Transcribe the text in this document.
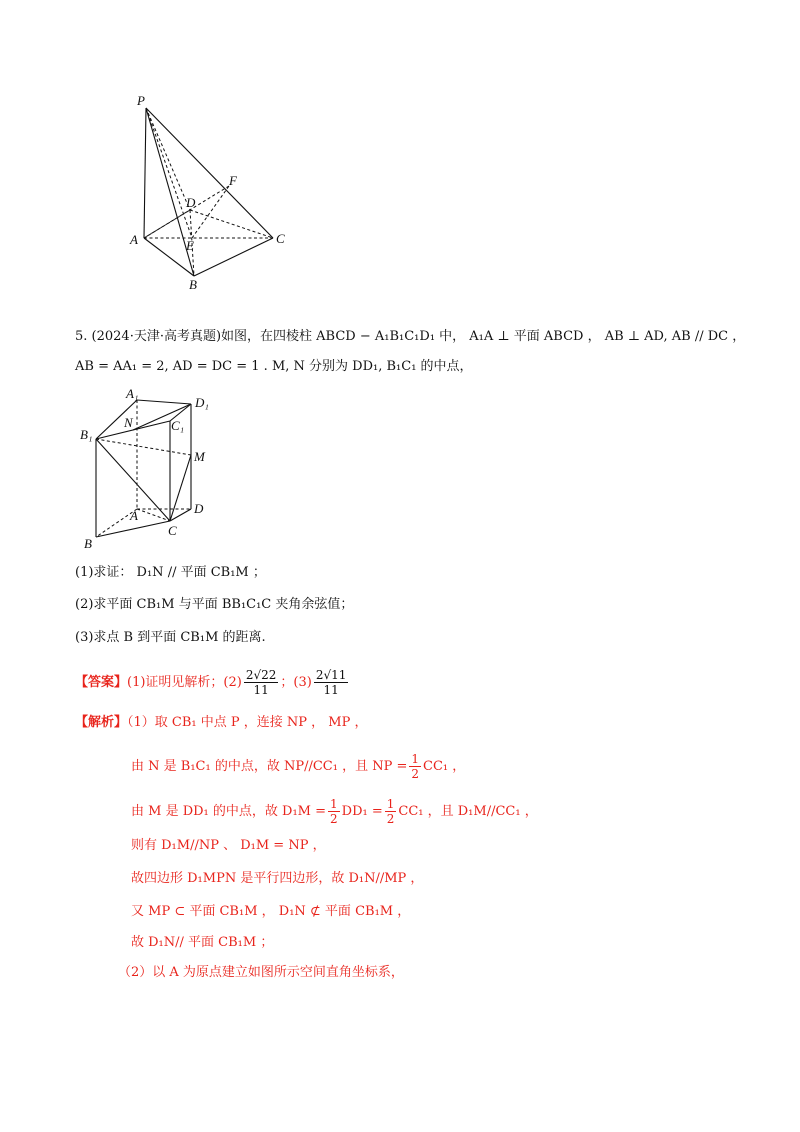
P
F
D
A	E	C
B
5. (2024·天津·高考真题)如图，在四棱柱 ABCD − A₁B₁C₁D₁ 中， A₁A ⊥ 平面 ABCD ， AB ⊥ AD, AB // DC ，
AB = AA₁ = 2, AD = DC = 1 . M, N 分别为 DD₁, B₁C₁ 的中点，
A₁
D₁
B₁
N	C₁
M
A	D
C
B
(1)求证： D₁N // 平面 CB₁M ；
(2)求平面 CB₁M 与平面 BB₁C₁C 夹角余弦值；
(3)求点 B 到平面 CB₁M 的距离.
【答案】(1)证明见解析；$(2) \frac{2√22}{11}$ ；$(3) \frac{2√11}{11}$
【解析】（1）取 CB₁ 中点 P ，连接 NP ， MP ，
由 N 是 B₁C₁ 的中点，故 NP//CC₁ ，且 NP = $\frac{1}{2} CC_1$ ，
由 M 是 DD₁ 的中点，故 $D_1M = \frac{1}{2} DD_1 = \frac{1}{2} CC_1$ ，且 D₁M//CC₁ ，
则有 D₁M//NP 、 D₁M = NP ，
故四边形 D₁MPN 是平行四边形，故 D₁N//MP ，
又 MP ⊂ 平面 CB₁M ， D₁N ⊄ 平面 CB₁M ，
故 D₁N// 平面 CB₁M ；
（2）以 A 为原点建立如图所示空间直角坐标系，
